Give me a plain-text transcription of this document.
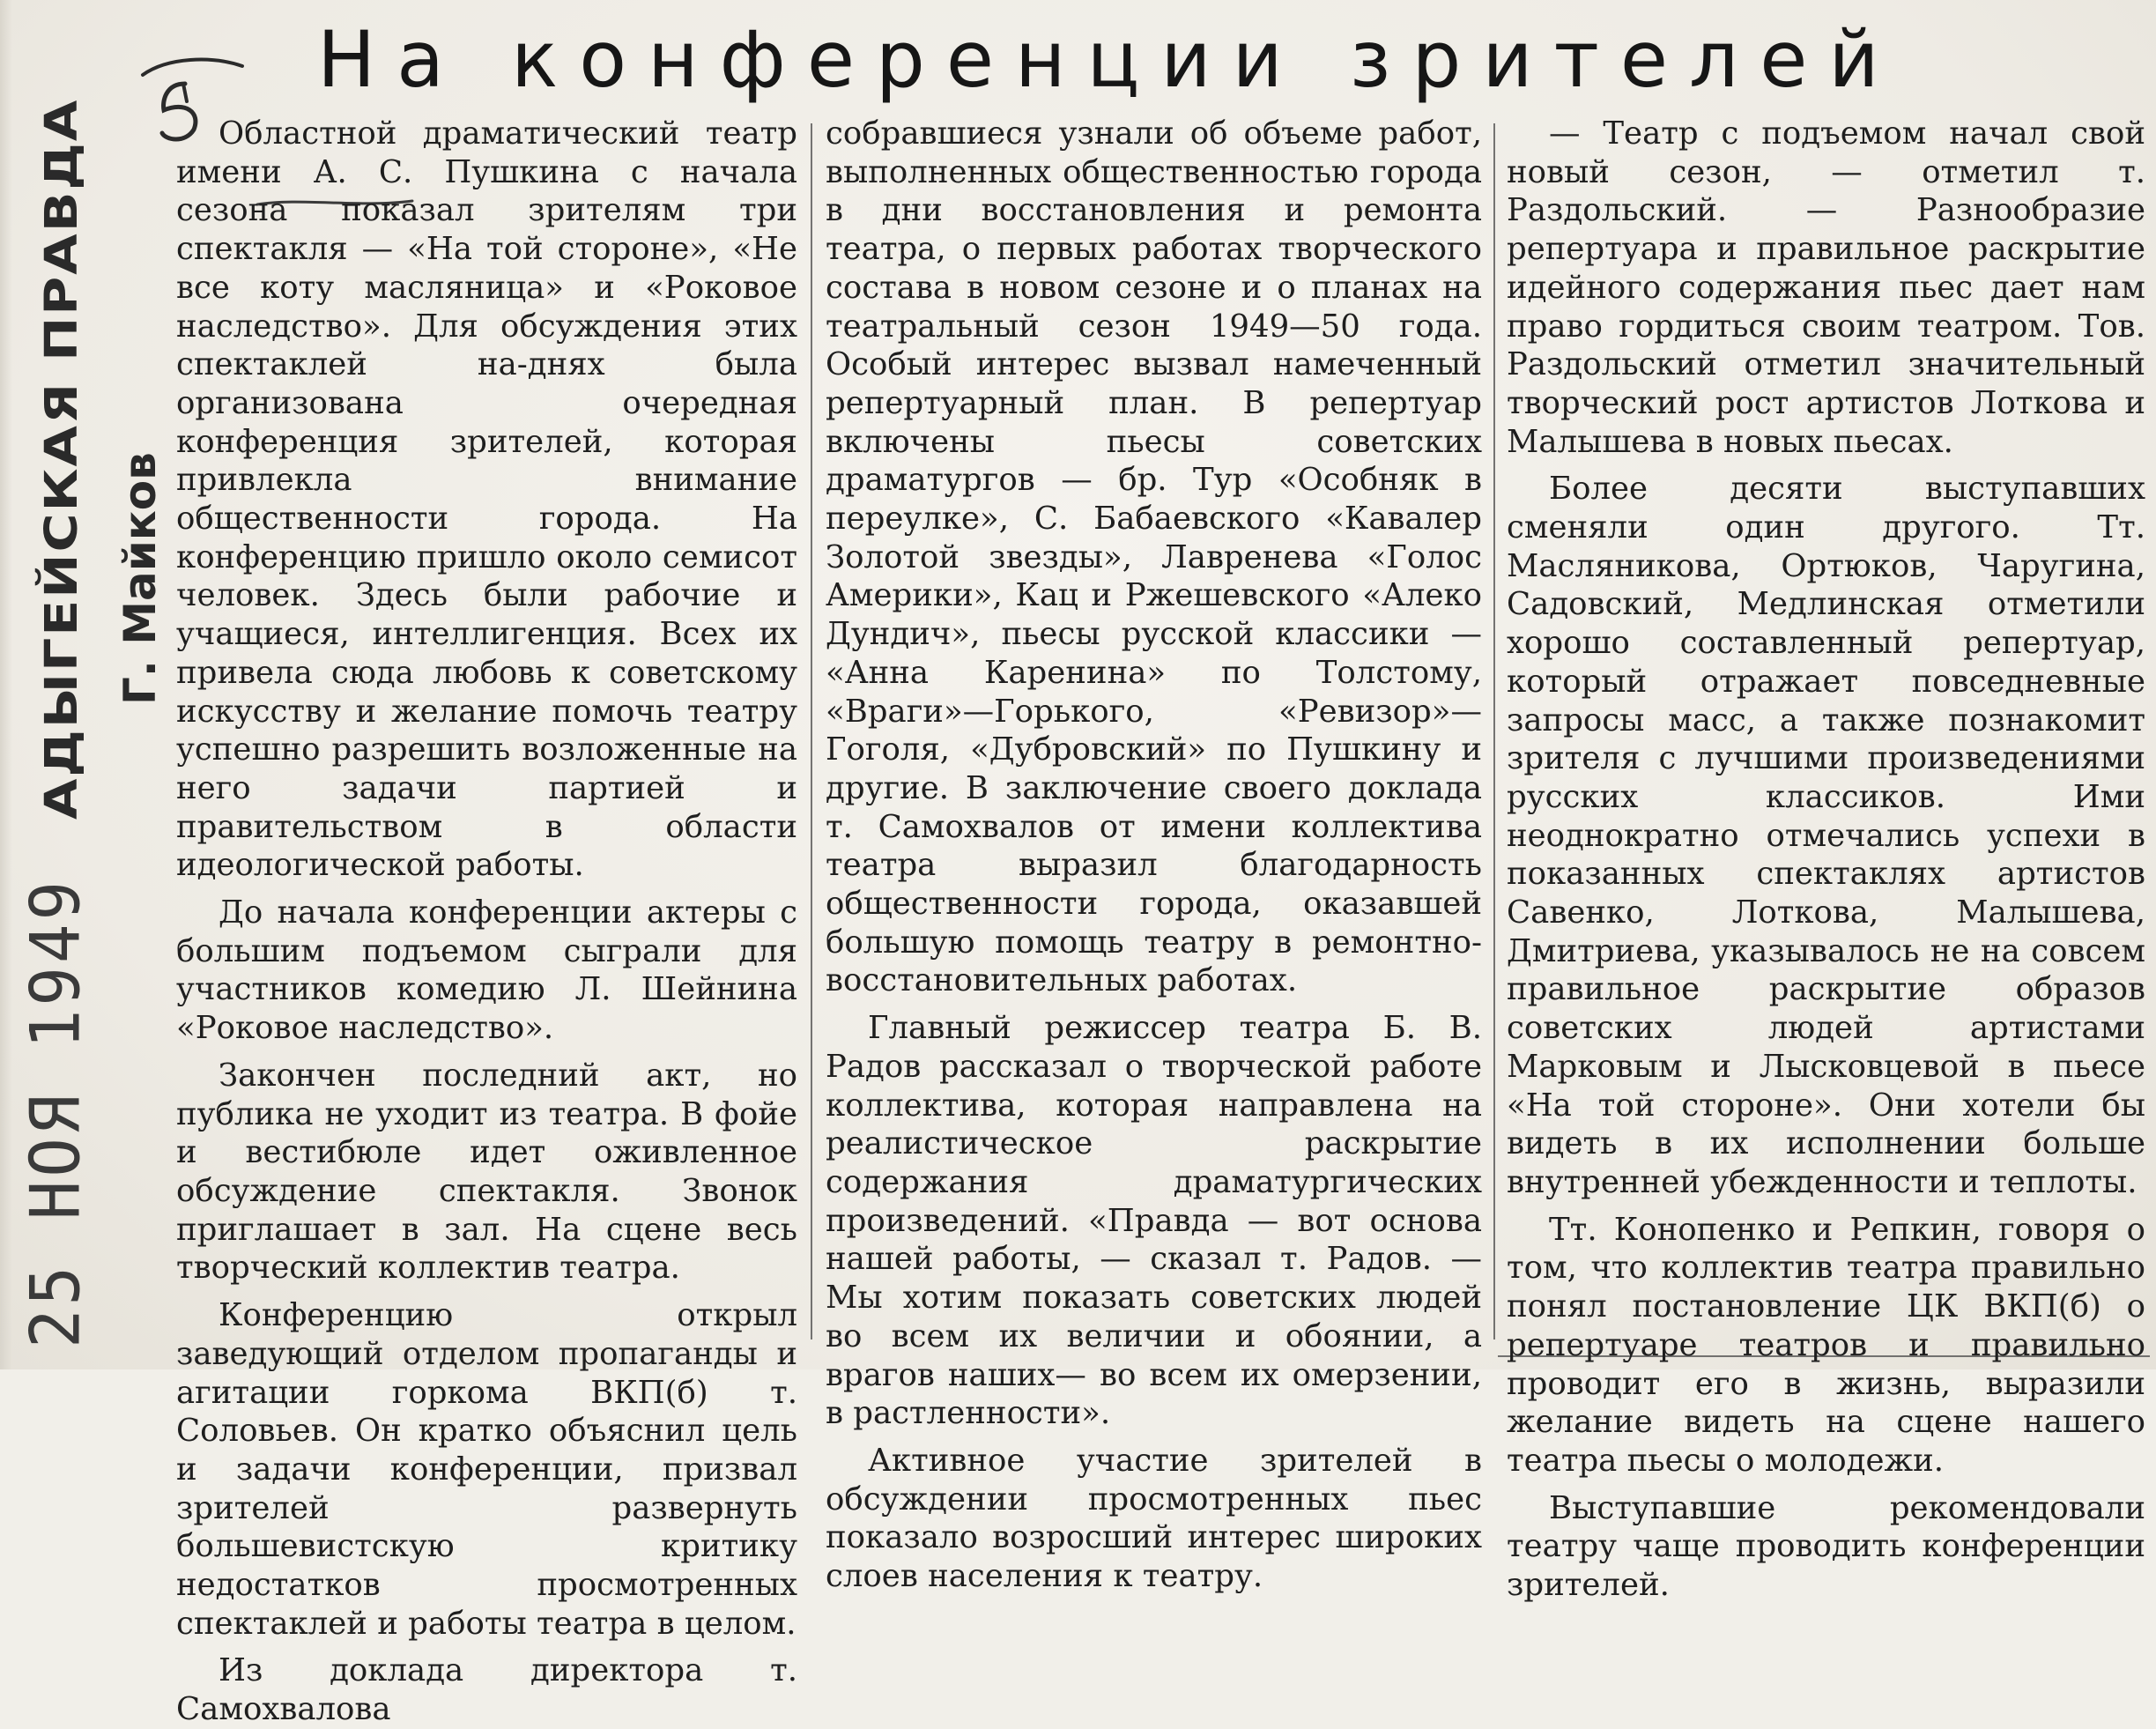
На конференции зрителей
АДЫГЕЙСКАЯ ПРАВДА Г. Майков
25 НОЯ 1949

Областной драматический театр имени А. С. Пушкина с начала сезона показал зрителям три спектакля — «На той стороне», «Не все коту масляница» и «Роковое наследство». Для обсуждения этих спектаклей на-днях была организована очередная конференция зрителей, которая привлекла внимание общественности города. На конференцию пришло около семисот человек. Здесь были рабочие и учащиеся, интеллигенция. Всех их привела сюда любовь к советскому искусству и желание помочь театру успешно разрешить возложенные на него задачи партией и правительством в области идеологической работы.

До начала конференции актеры с большим подъемом сыграли для участников комедию Л. Шейнина «Роковое наследство».

Закончен последний акт, но публика не уходит из театра. В фойе и вестибюле идет оживленное обсуждение спектакля. Звонок приглашает в зал. На сцене весь творческий коллектив театра.

Конференцию открыл заведующий отделом пропаганды и агитации горкома ВКП(б) т. Соловьев. Он кратко объяснил цель и задачи конференции, призвал зрителей развернуть большевистскую критику недостатков просмотренных спектаклей и работы театра в целом.

Из доклада директора т. Самохвалова

собравшиеся узнали об объеме работ, выполненных общественностью города в дни восстановления и ремонта театра, о первых работах творческого состава в новом сезоне и о планах на театральный сезон 1949—50 года. Особый интерес вызвал намеченный репертуарный план. В репертуар включены пьесы советских драматургов — бр. Тур «Особняк в переулке», С. Бабаевского «Кавалер Золотой звезды», Лавренева «Голос Америки», Кац и Ржешевского «Алеко Дундич», пьесы русской классики — «Анна Каренина» по Толстому, «Враги»—Горького, «Ревизор»—Гоголя, «Дубровский» по Пушкину и другие. В заключение своего доклада т. Самохвалов от имени коллектива театра выразил благодарность общественности города, оказавшей большую помощь театру в ремонтно-восстановительных работах.

Главный режиссер театра Б. В. Радов рассказал о творческой работе коллектива, которая направлена на реалистическое раскрытие содержания драматургических произведений. «Правда — вот основа нашей работы, — сказал т. Радов. — Мы хотим показать советских людей во всем их величии и обоянии, а врагов наших— во всем их омерзении, в растленности».

Активное участие зрителей в обсуждении просмотренных пьес показало возросший интерес широких слоев населения к театру.

— Театр с подъемом начал свой новый сезон, — отметил т. Раздольский. — Разнообразие репертуара и правильное раскрытие идейного содержания пьес дает нам право гордиться своим театром. Тов. Раздольский отметил значительный творческий рост артистов Лоткова и Малышева в новых пьесах.

Более десяти выступавших сменяли один другого. Тт. Масляникова, Ортюков, Чаругина, Садовский, Медлинская отметили хорошо составленный репертуар, который отражает повседневные запросы масс, а также познакомит зрителя с лучшими произведениями русских классиков. Ими неоднократно отмечались успехи в показанных спектаклях артистов Савенко, Лоткова, Малышева, Дмитриева, указывалось не на совсем правильное раскрытие образов советских людей артистами Марковым и Лысковцевой в пьесе «На той стороне». Они хотели бы видеть в их исполнении больше внутренней убежденности и теплоты.

Тт. Конопенко и Репкин, говоря о том, что коллектив театра правильно понял постановление ЦК ВКП(б) о репертуаре театров и правильно проводит его в жизнь, выразили желание видеть на сцене нашего театра пьесы о молодежи.

Выступавшие рекомендовали театру чаще проводить конференции зрителей.
